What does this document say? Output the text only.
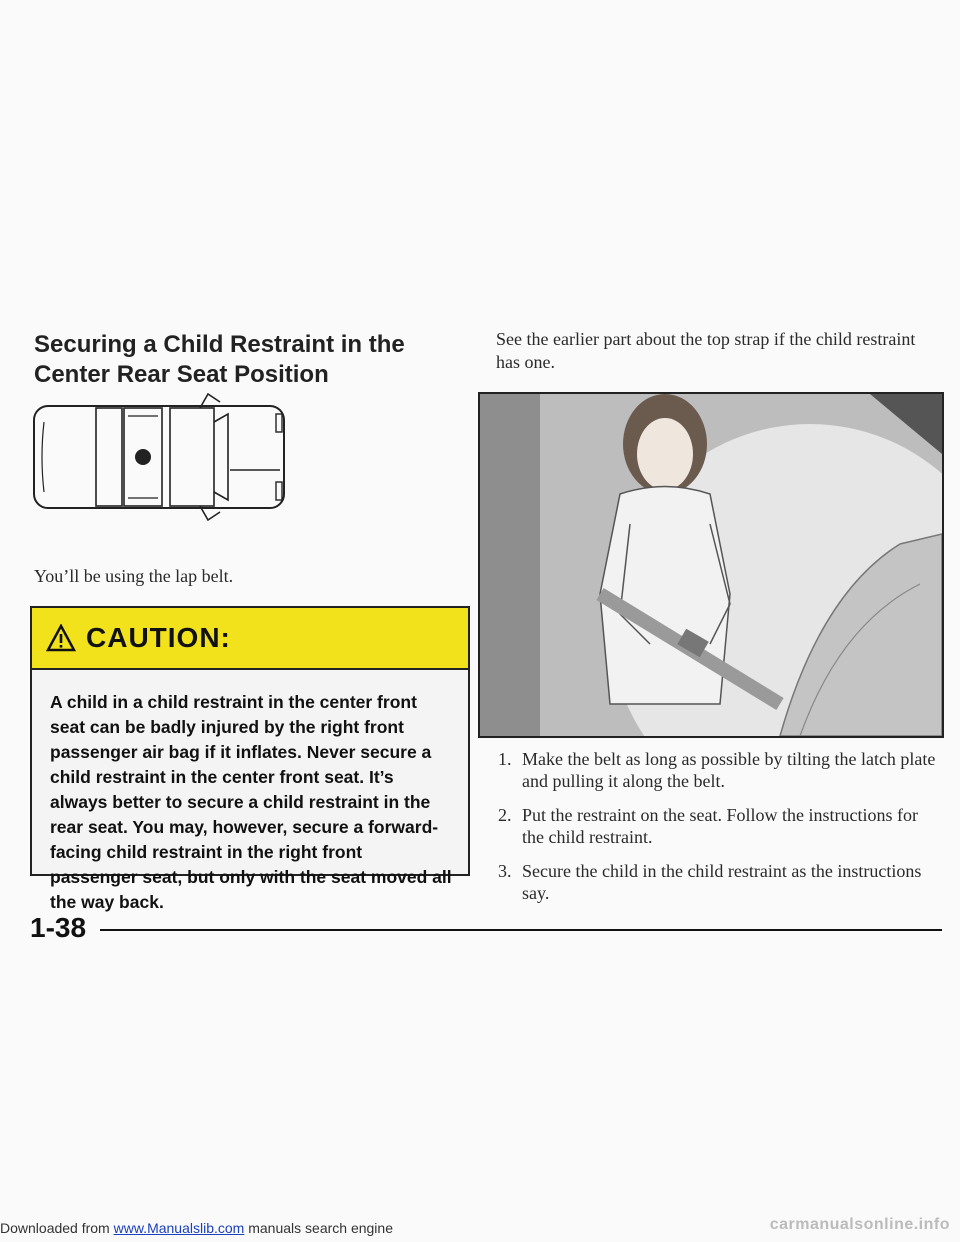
Securing a Child Restraint in the Center Rear Seat Position

You’ll be using the lap belt.

CAUTION:

A child in a child restraint in the center front seat can be badly injured by the right front passenger air bag if it inflates. Never secure a child restraint in the center front seat. It’s always better to secure a child restraint in the rear seat. You may, however, secure a forward-facing child restraint in the right front passenger seat, but only with the seat moved all the way back.

See the earlier part about the top strap if the child restraint has one.

1. Make the belt as long as possible by tilting the latch plate and pulling it along the belt.
2. Put the restraint on the seat. Follow the instructions for the child restraint.
3. Secure the child in the child restraint as the instructions say.

1-38

Downloaded from www.Manualslib.com manuals search engine	carmanualsonline.info
